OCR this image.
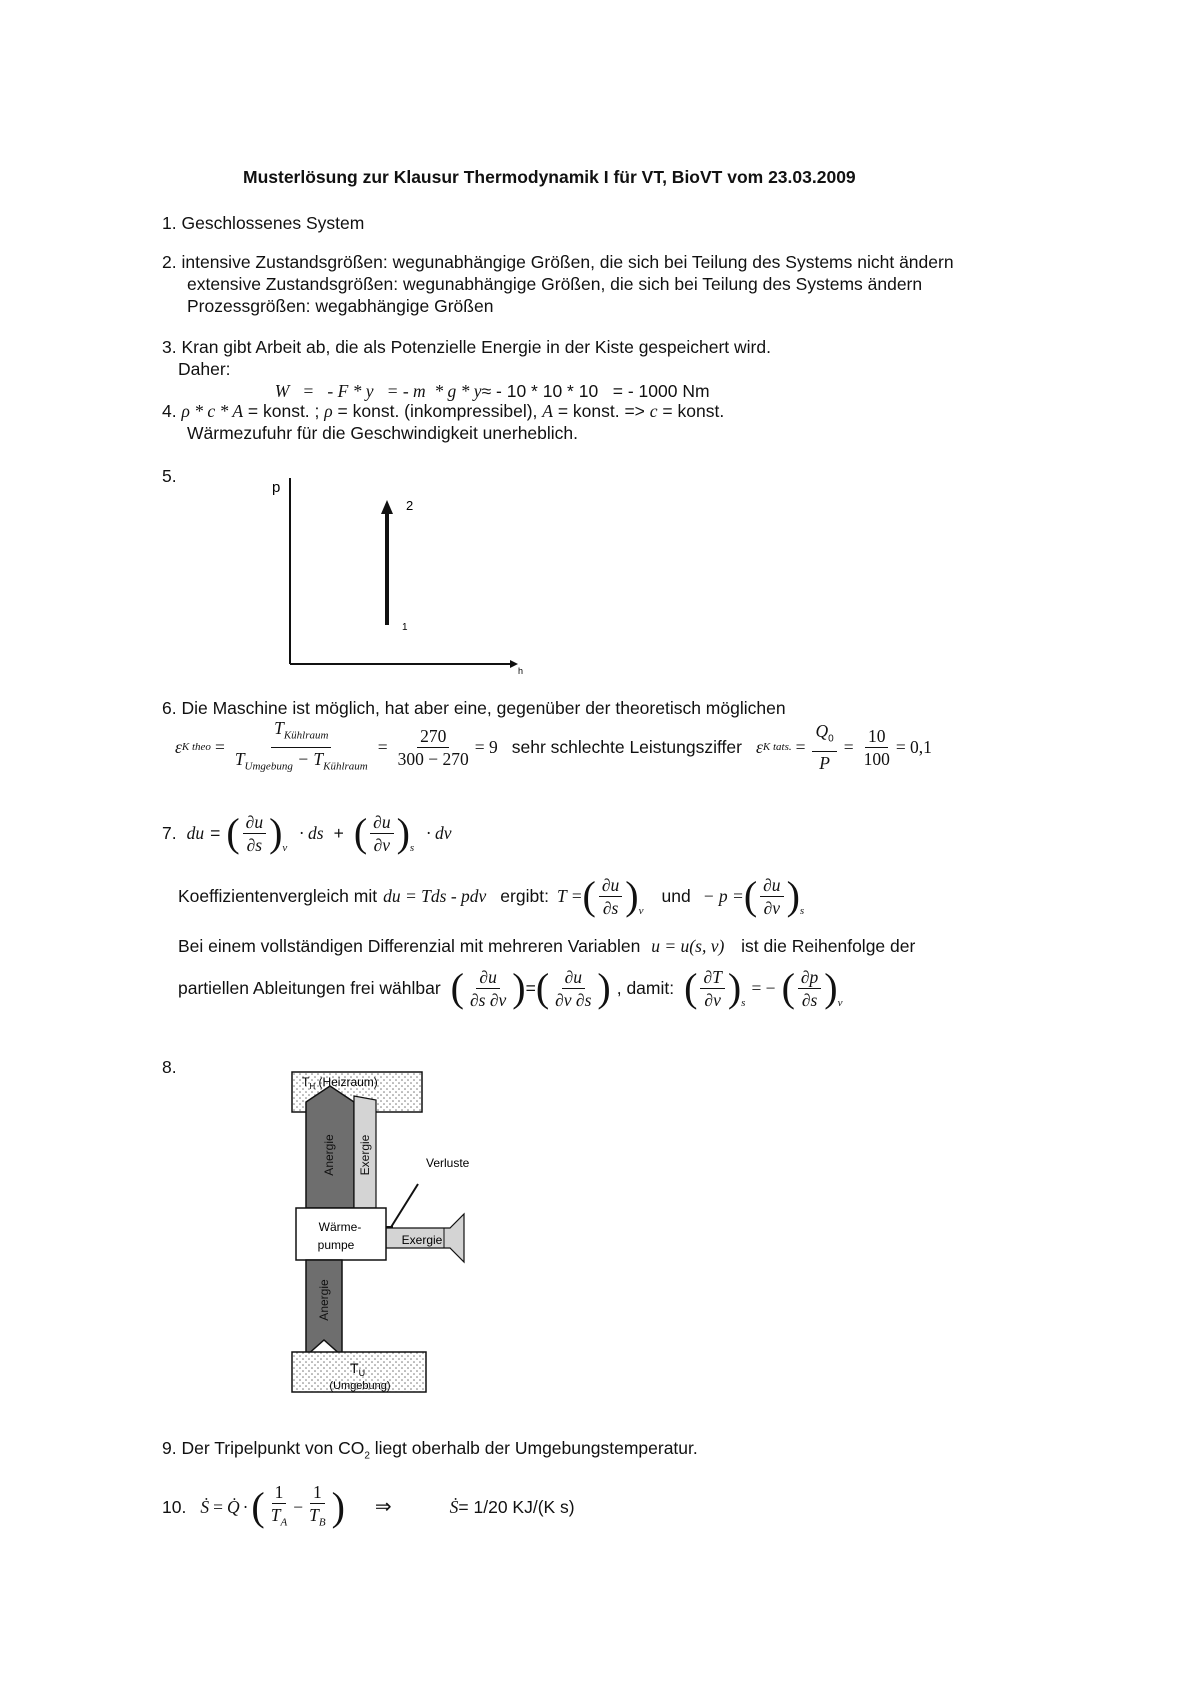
Musterlösung zur Klausur Thermodynamik I für VT, BioVT vom 23.03.2009
1. Geschlossenes System
2. intensive Zustandsgrößen: wegunabhängige Größen, die sich bei Teilung des Systems nicht ändern
extensive Zustandsgrößen: wegunabhängige Größen, die sich bei Teilung des Systems ändern
Prozessgrößen: wegabhängige Größen
3. Kran gibt Arbeit ab, die als Potenzielle Energie in der Kiste gespeichert wird.
Daher:

W   =   - F * y   = - m  * g * y≈ - 10 * 10 * 10   = - 1000 Nm

4. ρ * c * A = konst. ; ρ = konst. (inkompressibel), A = konst. => c = konst.
Wärmezufuhr für die Geschwindigkeit unerheblich.
5.
p
h
2
1
6. Die Maschine ist möglich, hat aber eine, gegenüber der theoretisch möglichen
ε K theo = $\frac{T_{Kühlraum}}{T_{Umgebung} - T_{Kühlraum}} = \frac{270}{300 - 270} = 9$ sehr schlechte Leistungsziffer ε K tats. = $\frac{Q_0}{P} = \frac{10}{100} = 0,1$
7. du = ( $\frac{\partial u}{\partial s}$ ) v
· ds + ( $\frac{\partial u}{\partial v}$ ) s
· dv
Koeffizientenvergleich mit du = Tds - pdv ergibt: T = ( $\frac{\partial u}{\partial s}$ ) v
und − p = ( $\frac{\partial u}{\partial v}$ ) s
Bei einem vollständigen Differenzial mit mehreren Variablen u = u(s, v) ist die Reihenfolge der
partiellen Ableitungen frei wählbar ( $\frac{\partial u}{\partial s \partial v}$ ) = ( $\frac{\partial u}{\partial v \partial s}$ ) , damit: ( $\frac{\partial T}{\partial v}$ ) s
= − ( $\frac{\partial p}{\partial s}$ ) v
8.
$T_H$ (Heizraum)
Anergie Exergie	Verluste
Exergie
Wärme-
pumpe
Anergie
$T_U$
(Umgebung)
9. Der Tripelpunkt von $CO_2$ liegt oberhalb der Umgebungstemperatur.
10. Ṡ = Q̇ · ( $\frac{1}{T_A} - \frac{1}{T_B}$ ) ⇒	Ṡ = 1/20 KJ/(K s)
